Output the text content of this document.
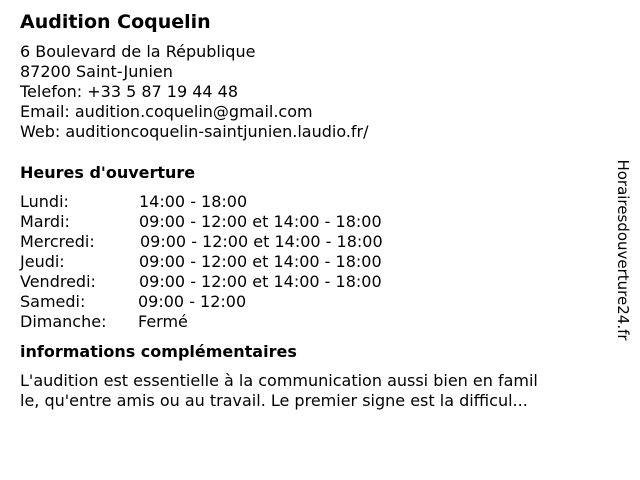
Audition Coquelin
6 Boulevard de la République
87200 Saint-Junien
Telefon: +33 5 87 19 44 48
Email: audition.coquelin@gmail.com
Web: auditioncoquelin-saintjunien.laudio.fr/
Heures d'ouverture
Lundi:	14:00 - 18:00
Mardi:	09:00 - 12:00 et 14:00 - 18:00
Mercredi:	09:00 - 12:00 et 14:00 - 18:00
Jeudi:	09:00 - 12:00 et 14:00 - 18:00
Vendredi:	09:00 - 12:00 et 14:00 - 18:00
Samedi:	09:00 - 12:00
Dimanche:	Fermé
informations complémentaires
L'audition est essentielle à la communication aussi bien en famil
le, qu'entre amis ou au travail. Le premier signe est la difficul...
Horairesdouverture24.fr
